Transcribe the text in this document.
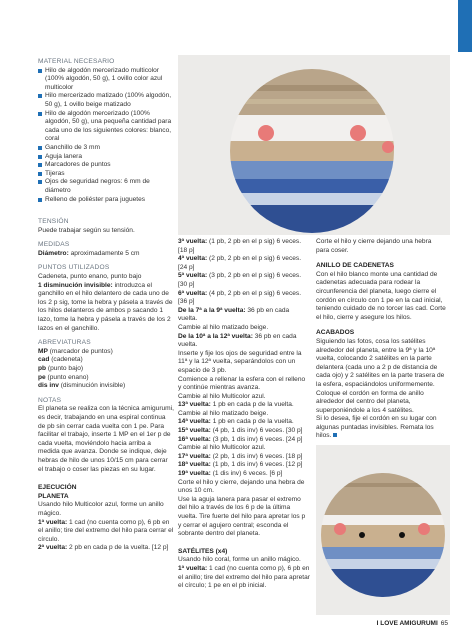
MATERIAL NECESARIO
Hilo de algodón mercerizado multicolor (100% algodón, 50 g), 1 ovillo color azul multicolor
Hilo mercerizado matizado (100% algodón, 50 g), 1 ovillo beige matizado
Hilo de algodón mercerizado (100% algodón, 50 g), una pequeña cantidad para cada uno de los siguientes colores: blanco, coral
Ganchillo de 3 mm
Aguja lanera
Marcadores de puntos
Tijeras
Ojos de seguridad negros: 6 mm de diámetro
Relleno de poliéster para juguetes
TENSIÓN

Puede trabajar según su tensión.

MEDIDAS

Diámetro: aproximadamente 5 cm

PUNTOS UTILIZADOS

Cadeneta, punto enano, punto bajo

1 disminución invisible: introduzca el ganchillo en el hilo delantero de cada uno de los 2 p sig, tome la hebra y pásela a través de los hilos delanteros de ambos p sacando 1 lazo, tome la hebra y pásela a través de los 2 lazos en el ganchillo.

ABREVIATURAS

MP (marcador de puntos)

cad (cadeneta)

pb (punto bajo)

pe (punto enano)

dis inv (disminución invisible)

NOTAS

El planeta se realiza con la técnica amigurumi, es decir, trabajando en una espiral continua de pb sin cerrar cada vuelta con 1 pe. Para facilitar el trabajo, inserte 1 MP en el 1er p de cada vuelta, moviéndolo hacia arriba a medida que avanza. Donde se indique, deje hebras de hilo de unos 10/15 cm para cerrar el trabajo o coser las piezas en su lugar.

EJECUCIÓN
PLANETA

Usando hilo Multicolor azul, forme un anillo mágico.

1ª vuelta: 1 cad (no cuenta como p), 6 pb en el anillo; tire del extremo del hilo para cerrar el círculo.

2ª vuelta: 2 pb en cada p de la vuelta. [12 p]

3ª vuelta: (1 pb, 2 pb en el p sig) 6 veces. [18 p]

4ª vuelta: (2 pb, 2 pb en el p sig) 6 veces. [24 p]

5ª vuelta: (3 pb, 2 pb en el p sig) 6 veces. [30 p]

6ª vuelta: (4 pb, 2 pb en el p sig) 6 veces. [36 p]

De la 7ª a la 9ª vuelta: 36 pb en cada vuelta.

Cambie al hilo matizado beige.

De la 10ª a la 12ª vuelta: 36 pb en cada vuelta.

Inserte y fije los ojos de seguridad entre la 11ª y la 12ª vuelta, separándolos con un espacio de 3 pb.

Comience a rellenar la esfera con el relleno y continúe mientras avanza.

Cambie al hilo Multicolor azul.

13ª vuelta: 1 pb en cada p de la vuelta.

Cambie al hilo matizado beige.

14ª vuelta: 1 pb en cada p de la vuelta.

15ª vuelta: (4 pb, 1 dis inv) 6 veces. [30 p]

16ª vuelta: (3 pb, 1 dis inv) 6 veces. [24 p]

Cambie al hilo Multicolor azul.

17ª vuelta: (2 pb, 1 dis inv) 6 veces. [18 p]

18ª vuelta: (1 pb, 1 dis inv) 6 veces. [12 p]

19ª vuelta: (1 dis inv) 6 veces. [6 p]

Corte el hilo y cierre, dejando una hebra de unos 10 cm.

Use la aguja lanera para pasar el extremo del hilo a través de los 6 p de la última vuelta. Tire fuerte del hilo para apretar los p y cerrar el agujero central; esconda el sobrante dentro del planeta.

SATÉLITES (x4)

Usando hilo coral, forme un anillo mágico.

1ª vuelta: 1 cad (no cuenta como p), 6 pb en el anillo; tire del extremo del hilo para apretar el círculo; 1 pe en el pb inicial.

Corte el hilo y cierre dejando una hebra para coser.

ANILLO DE CADENETAS

Con el hilo blanco monte una cantidad de cadenetas adecuada para rodear la circunferencia del planeta, luego cierre el cordón en círculo con 1 pe en la cad inicial, teniendo cuidado de no torcer las cad. Corte el hilo, cierre y asegure los hilos.

ACABADOS

Siguiendo las fotos, cosa los satélites alrededor del planeta, entre la 9ª y la 10ª vuelta, colocando 2 satélites en la parte delantera (cada uno a 2 p de distancia de cada ojo) y 2 satélites en la parte trasera de la esfera, espaciándolos uniformemente.

Coloque el cordón en forma de anillo alrededor del centro del planeta, superponiéndole a los 4 satélites.

Si lo desea, fije el cordón en su lugar con algunas puntadas invisibles. Remata los hilos.

I LOVE AMIGURUMI 65
